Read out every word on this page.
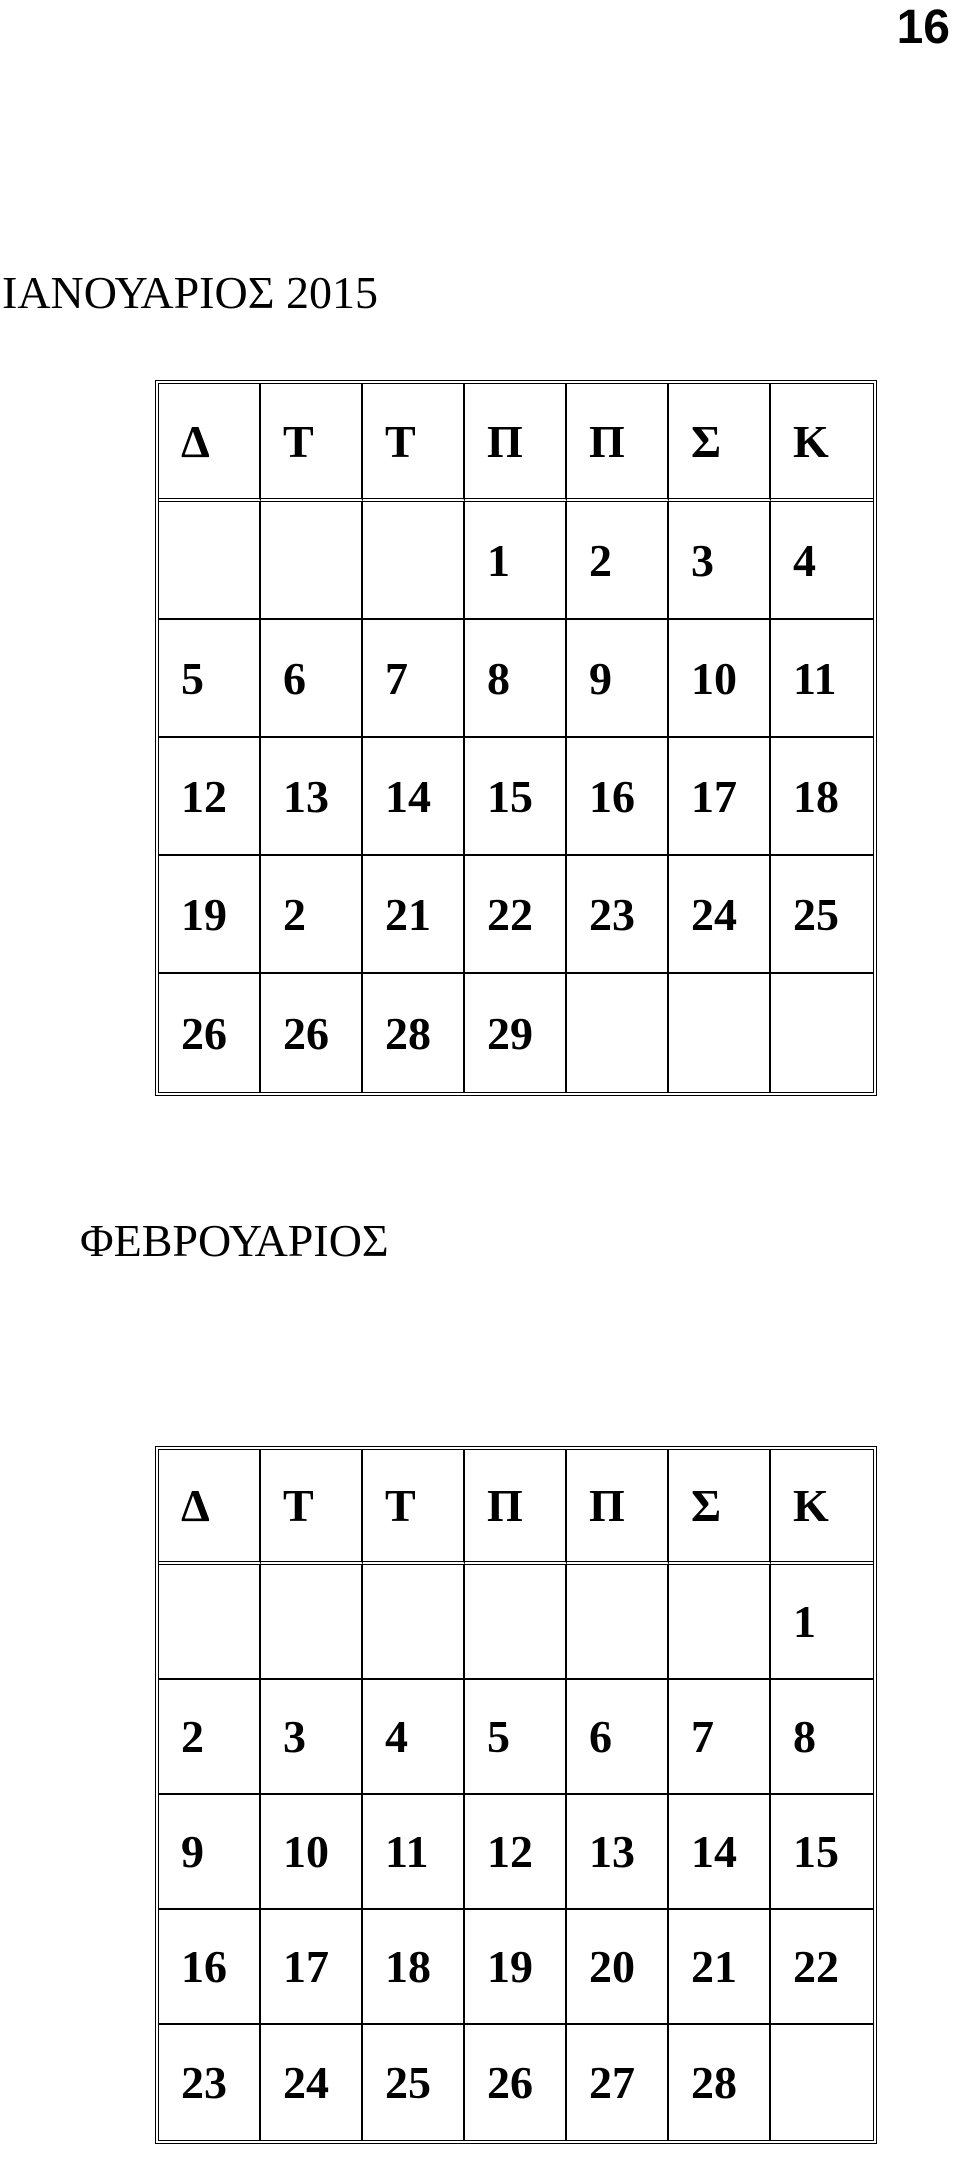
16
ΙΑΝΟΥΑΡΙΟΣ 2015
Δ	Τ	Τ	Π	Π	Σ	Κ
			1	2	3	4
5	6	7	8	9	10	11
12	13	14	15	16	17	18
19	2	21	22	23	24	25
26	26	28	29			
ΦΕΒΡΟΥΑΡΙΟΣ
Δ	Τ	Τ	Π	Π	Σ	Κ
						1
2	3	4	5	6	7	8
9	10	11	12	13	14	15
16	17	18	19	20	21	22
23	24	25	26	27	28	
